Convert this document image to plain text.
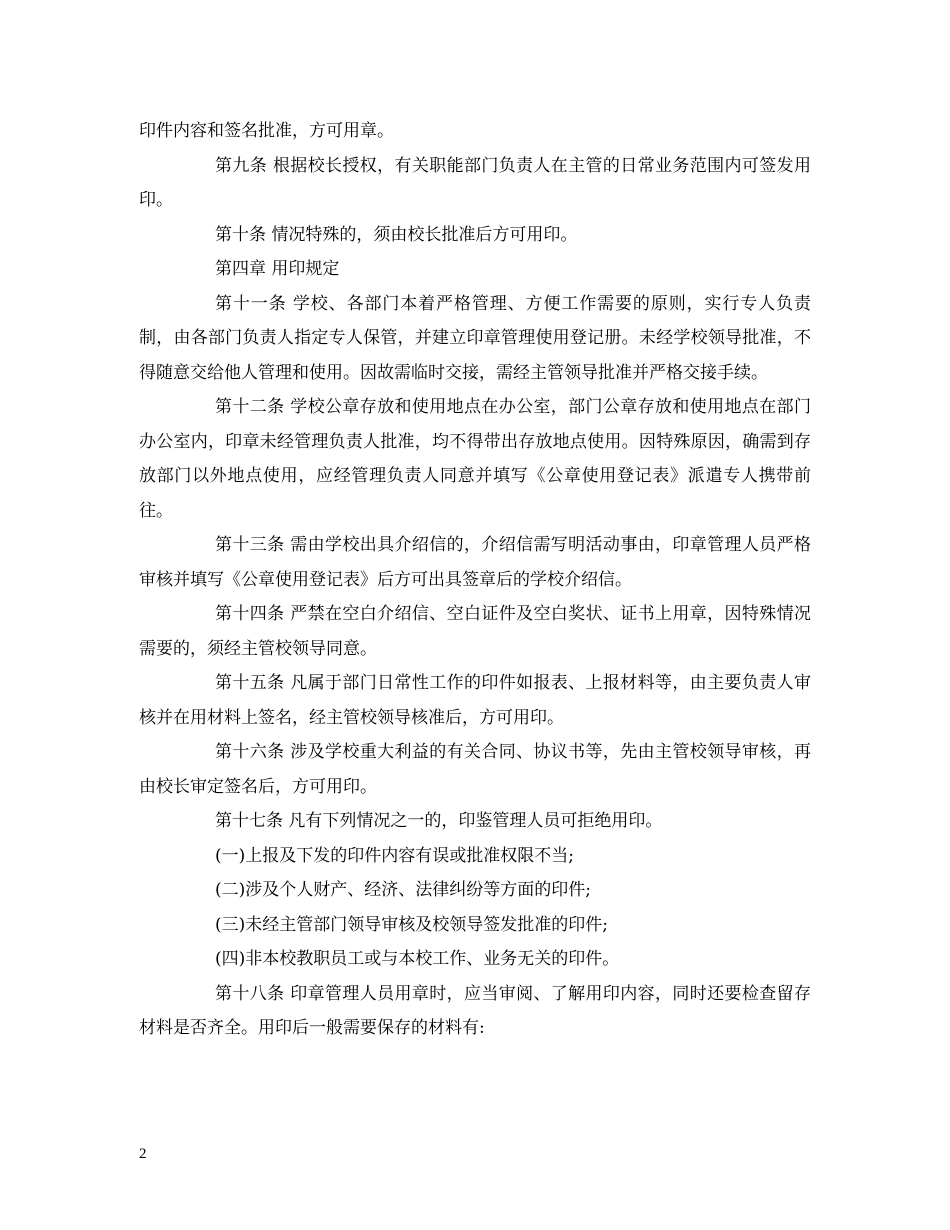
印件内容和签名批准，方可用章。

第九条 根据校长授权，有关职能部门负责人在主管的日常业务范围内可签发用印。

第十条 情况特殊的，须由校长批准后方可用印。

第四章 用印规定

第十一条 学校、各部门本着严格管理、方便工作需要的原则，实行专人负责制，由各部门负责人指定专人保管，并建立印章管理使用登记册。未经学校领导批准，不得随意交给他人管理和使用。因故需临时交接，需经主管领导批准并严格交接手续。

第十二条 学校公章存放和使用地点在办公室，部门公章存放和使用地点在部门办公室内，印章未经管理负责人批准，均不得带出存放地点使用。因特殊原因，确需到存放部门以外地点使用，应经管理负责人同意并填写《公章使用登记表》派遣专人携带前往。

第十三条 需由学校出具介绍信的，介绍信需写明活动事由，印章管理人员严格审核并填写《公章使用登记表》后方可出具签章后的学校介绍信。

第十四条 严禁在空白介绍信、空白证件及空白奖状、证书上用章，因特殊情况需要的，须经主管校领导同意。

第十五条 凡属于部门日常性工作的印件如报表、上报材料等，由主要负责人审核并在用材料上签名，经主管校领导核准后，方可用印。

第十六条 涉及学校重大利益的有关合同、协议书等，先由主管校领导审核，再由校长审定签名后，方可用印。

第十七条 凡有下列情况之一的，印鉴管理人员可拒绝用印。

(一)上报及下发的印件内容有误或批准权限不当;

(二)涉及个人财产、经济、法律纠纷等方面的印件;

(三)未经主管部门领导审核及校领导签发批准的印件;

(四)非本校教职员工或与本校工作、业务无关的印件。

第十八条 印章管理人员用章时，应当审阅、了解用印内容，同时还要检查留存材料是否齐全。用印后一般需要保存的材料有:

2
